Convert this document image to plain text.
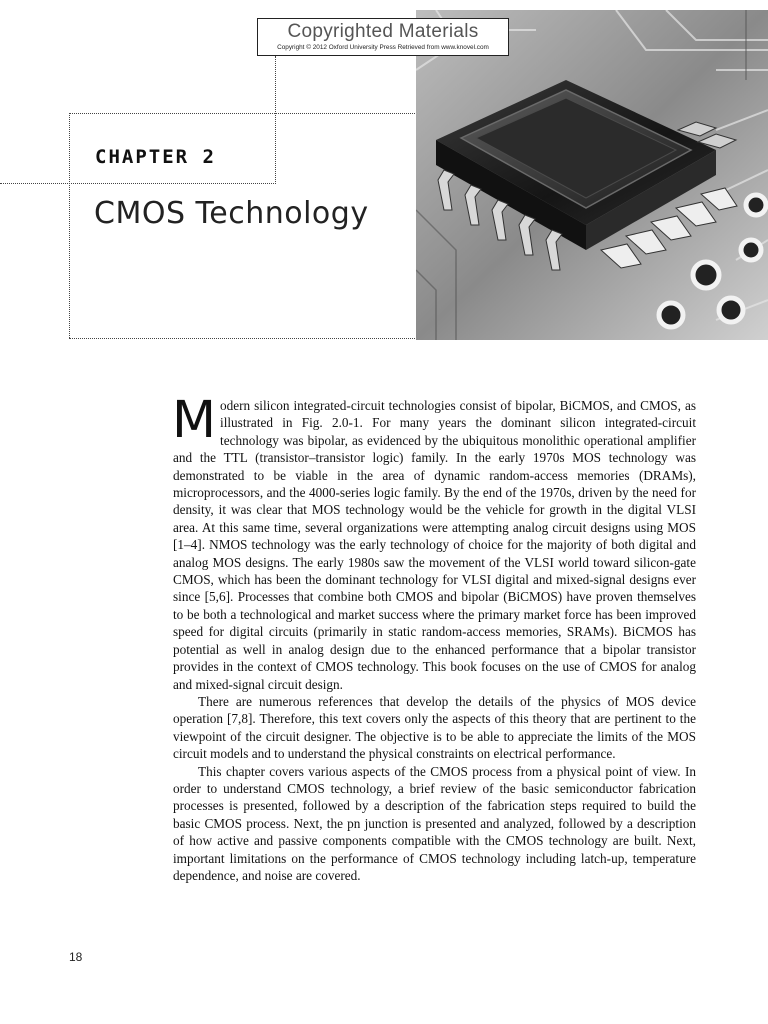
Copyrighted Materials
Copyright © 2012 Oxford University Press Retrieved from www.knovel.com
CHAPTER 2
CMOS Technology

Modern silicon integrated-circuit technologies consist of bipolar, BiCMOS, and CMOS, as illustrated in Fig. 2.0-1. For many years the dominant silicon integrated-circuit technology was bipolar, as evidenced by the ubiquitous monolithic operational amplifier and the TTL (transistor–transistor logic) family. In the early 1970s MOS technology was demonstrated to be viable in the area of dynamic random-access memories (DRAMs), microprocessors, and the 4000-series logic family. By the end of the 1970s, driven by the need for density, it was clear that MOS technology would be the vehicle for growth in the digital VLSI area. At this same time, several organizations were attempting analog circuit designs using MOS [1–4]. NMOS technology was the early technology of choice for the majority of both digital and analog MOS designs. The early 1980s saw the movement of the VLSI world toward silicon-gate CMOS, which has been the dominant technology for VLSI digital and mixed-signal designs ever since [5,6]. Processes that combine both CMOS and bipolar (BiCMOS) have proven themselves to be both a technological and market success where the primary market force has been improved speed for digital circuits (primarily in static random-access memories, SRAMs). BiCMOS has potential as well in analog design due to the enhanced performance that a bipolar transistor provides in the context of CMOS technology. This book focuses on the use of CMOS for analog and mixed-signal circuit design.

There are numerous references that develop the details of the physics of MOS device operation [7,8]. Therefore, this text covers only the aspects of this theory that are pertinent to the viewpoint of the circuit designer. The objective is to be able to appreciate the limits of the MOS circuit models and to understand the physical constraints on electrical performance.

This chapter covers various aspects of the CMOS process from a physical point of view. In order to understand CMOS technology, a brief review of the basic semiconductor fabrication processes is presented, followed by a description of the fabrication steps required to build the basic CMOS process. Next, the pn junction is presented and analyzed, followed by a description of how active and passive components compatible with the CMOS technology are built. Next, important limitations on the performance of CMOS technology including latch-up, temperature dependence, and noise are covered.

18
